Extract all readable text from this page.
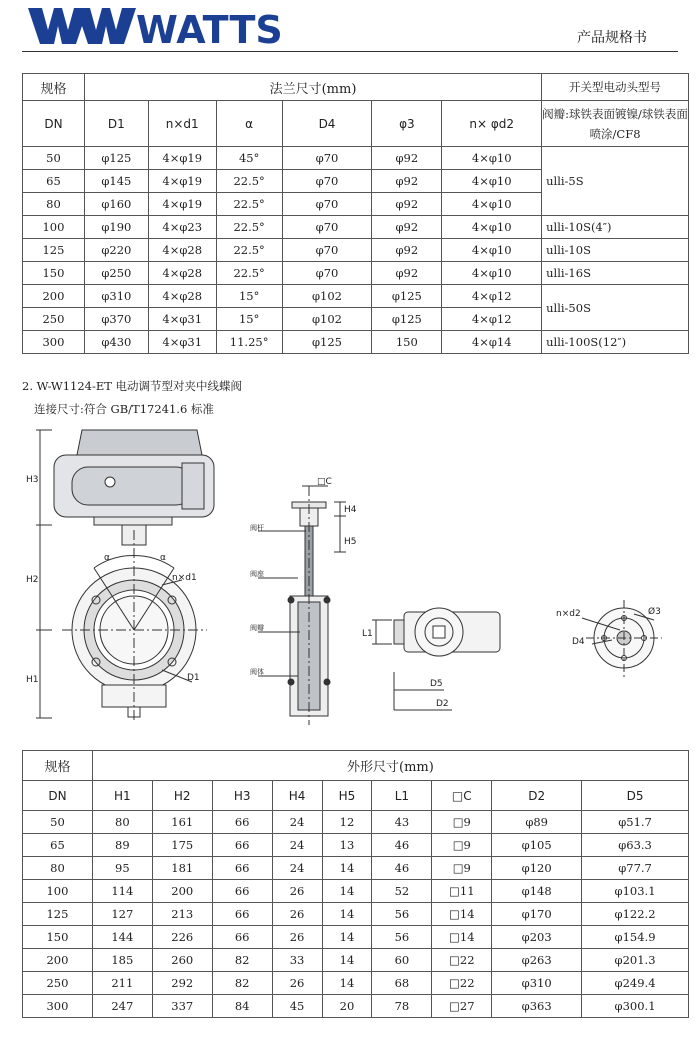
WATTS	产品规格书
规格	法兰尺寸(mm)						开关型电动头型号
DN	D1	n×d1	α	D4	φ3	n× φd2	阀瓣:球铁表面镀镍/球铁表面喷涂/CF8
50	φ125	4×φ19	45°	φ70	φ92	4×φ10	ulli-5S
65	φ145	4×φ19	22.5°	φ70	φ92	4×φ10	
80	φ160	4×φ19	22.5°	φ70	φ92	4×φ10	
100	φ190	4×φ23	22.5°	φ70	φ92	4×φ10	ulli-10S(4″)
125	φ220	4×φ28	22.5°	φ70	φ92	4×φ10	ulli-10S
150	φ250	4×φ28	22.5°	φ70	φ92	4×φ10	ulli-16S
200	φ310	4×φ28	15°	φ102	φ125	4×φ12	ulli-50S
250	φ370	4×φ31	15°	φ102	φ125	4×φ12	
300	φ430	4×φ31	11.25°	φ125	150	4×φ14	ulli-100S(12″)
2. W-W1124-ET 电动调节型对夹中线蝶阀
连接尺寸:符合 GB/T17241.6 标准
H3
H2
H1
α	α
n×d1
D1
□C
H4
H5
阀杆
阀座
阀瓣
阀体
L1
D5
D2
n×d2	Ø3
D4
规格	外形尺寸(mm)								
DN	H1	H2	H3	H4	H5	L1	□C	D2	D5
50	80	161	66	24	12	43	□9	φ89	φ51.7
65	89	175	66	24	13	46	□9	φ105	φ63.3
80	95	181	66	24	14	46	□9	φ120	φ77.7
100	114	200	66	26	14	52	□11	φ148	φ103.1
125	127	213	66	26	14	56	□14	φ170	φ122.2
150	144	226	66	26	14	56	□14	φ203	φ154.9
200	185	260	82	33	14	60	□22	φ263	φ201.3
250	211	292	82	26	14	68	□22	φ310	φ249.4
300	247	337	84	45	20	78	□27	φ363	φ300.1
